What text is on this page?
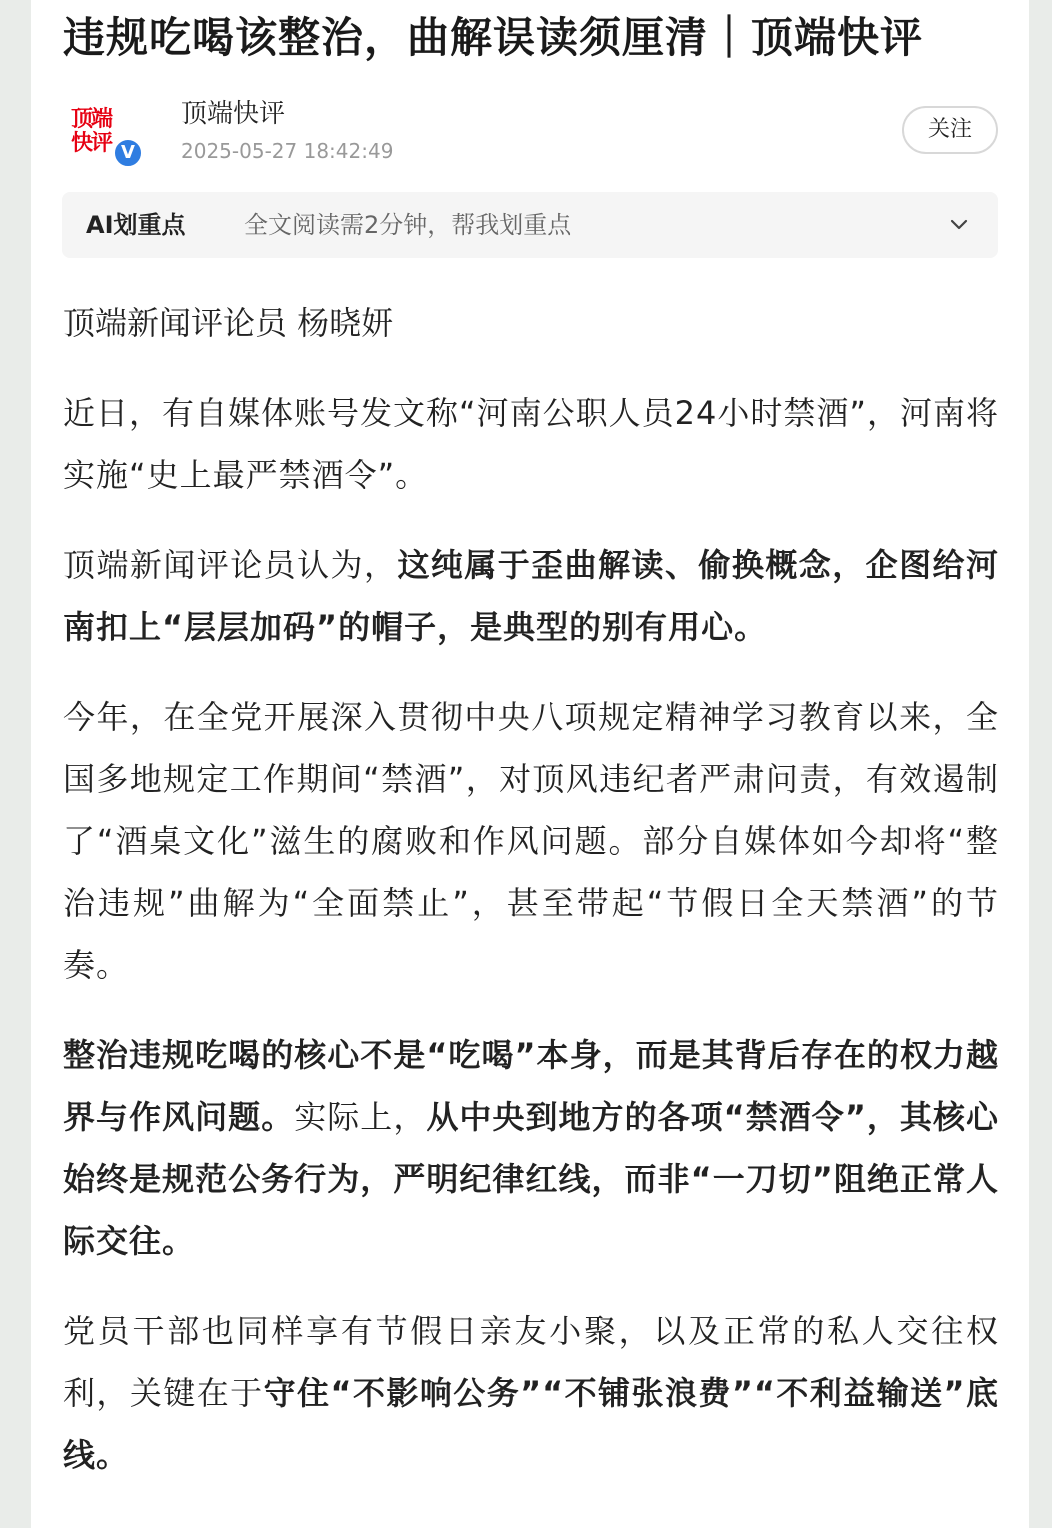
违规吃喝该整治，曲解误读须厘清｜顶端快评
顶端
快评 V
顶端快评
2025-05-27 18:42:49
关注
AI划重点 全文阅读需2分钟，帮我划重点
顶端新闻评论员 杨晓妍

近日，有自媒体账号发文称“河南公职人员24小时禁酒”，河南将实施“史上最严禁酒令”。

顶端新闻评论员认为，这纯属于歪曲解读、偷换概念，企图给河南扣上“层层加码”的帽子，是典型的别有用心。

今年，在全党开展深入贯彻中央八项规定精神学习教育以来，全国多地规定工作期间“禁酒”，对顶风违纪者严肃问责，有效遏制了“酒桌文化”滋生的腐败和作风问题。部分自媒体如今却将“整治违规”曲解为“全面禁止”，甚至带起“节假日全天禁酒”的节奏。

整治违规吃喝的核心不是“吃喝”本身，而是其背后存在的权力越界与作风问题。实际上，从中央到地方的各项“禁酒令”，其核心始终是规范公务行为，严明纪律红线，而非“一刀切”阻绝正常人际交往。

党员干部也同样享有节假日亲友小聚，以及正常的私人交往权利，关键在于守住“不影响公务”“不铺张浪费”“不利益输送”底线。
